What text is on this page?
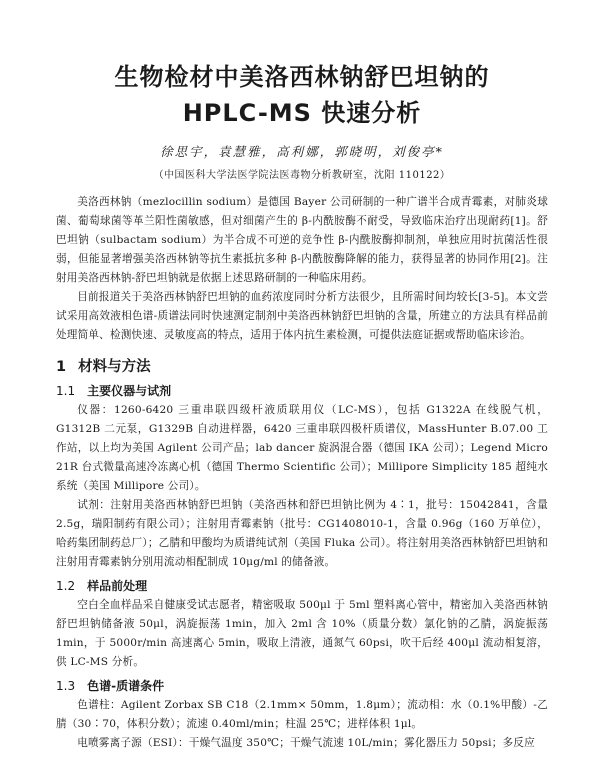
生物检材中美洛西林钠舒巴坦钠的
HPLC-MS 快速分析
徐思宇，袁慧雅，高利娜，郭晓明，刘俊亭*
（中国医科大学法医学院法医毒物分析教研室，沈阳 110122）

美洛西林钠（mezlocillin sodium）是德国 Bayer 公司研制的一种广谱半合成青霉素，对肺炎球菌、葡萄球菌等革兰阳性菌敏感，但对细菌产生的 β-内酰胺酶不耐受，导致临床治疗出现耐药[1]。舒巴坦钠（sulbactam sodium）为半合成不可逆的竞争性 β-内酰胺酶抑制剂，单独应用时抗菌活性很弱，但能显著增强美洛西林钠等抗生素抵抗多种 β-内酰胺酶降解的能力，获得显著的协同作用[2]。注射用美洛西林钠-舒巴坦钠就是依据上述思路研制的一种临床用药。

目前报道关于美洛西林钠舒巴坦钠的血药浓度同时分析方法很少，且所需时间均较长[3-5]。本文尝试采用高效液相色谱-质谱法同时快速测定制剂中美洛西林钠舒巴坦钠的含量，所建立的方法具有样品前处理简单、检测快速、灵敏度高的特点，适用于体内抗生素检测，可提供法庭证据或帮助临床诊治。

1 材料与方法
1.1 主要仪器与试剂

仪器：1260-6420 三重串联四级杆液质联用仪（LC-MS），包括 G1322A 在线脱气机，G1312B 二元泵，G1329B 自动进样器，6420 三重串联四极杆质谱仪，MassHunter B.07.00 工作站，以上均为美国 Agilent 公司产品；lab dancer 旋涡混合器（德国 IKA 公司）；Legend Micro 21R 台式微量高速冷冻离心机（德国 Thermo Scientific 公司）；Millipore Simplicity 185 超纯水系统（美国 Millipore 公司）。

试剂：注射用美洛西林钠舒巴坦钠（美洛西林和舒巴坦钠比例为 4∶1，批号：15042841，含量 2.5g，瑞阳制药有限公司）；注射用青霉素钠（批号：CG1408010-1，含量 0.96g（160 万单位），哈药集团制药总厂）；乙腈和甲酸均为质谱纯试剂（美国 Fluka 公司）。将注射用美洛西林钠舒巴坦钠和注射用青霉素钠分别用流动相配制成 10μg/ml 的储备液。

1.2 样品前处理

空白全血样品采自健康受试志愿者，精密吸取 500μl 于 5ml 塑料离心管中，精密加入美洛西林钠舒巴坦钠储备液 50μl，涡旋振荡 1min，加入 2ml 含 10%（质量分数）氯化钠的乙腈，涡旋振荡 1min，于 5000r/min 高速离心 5min，吸取上清液，通氮气 60psi，吹干后经 400μl 流动相复溶，供 LC-MS 分析。

1.3 色谱-质谱条件

色谱柱：Agilent Zorbax SB C18（2.1mm× 50mm，1.8μm）；流动相：水（0.1%甲酸）-乙腈（30∶70，体积分数）；流速 0.40ml/min；柱温 25℃；进样体积 1μl。

电喷雾离子源（ESI）：干燥气温度 350℃；干燥气流速 10L/min；雾化器压力 50psi；多反应
